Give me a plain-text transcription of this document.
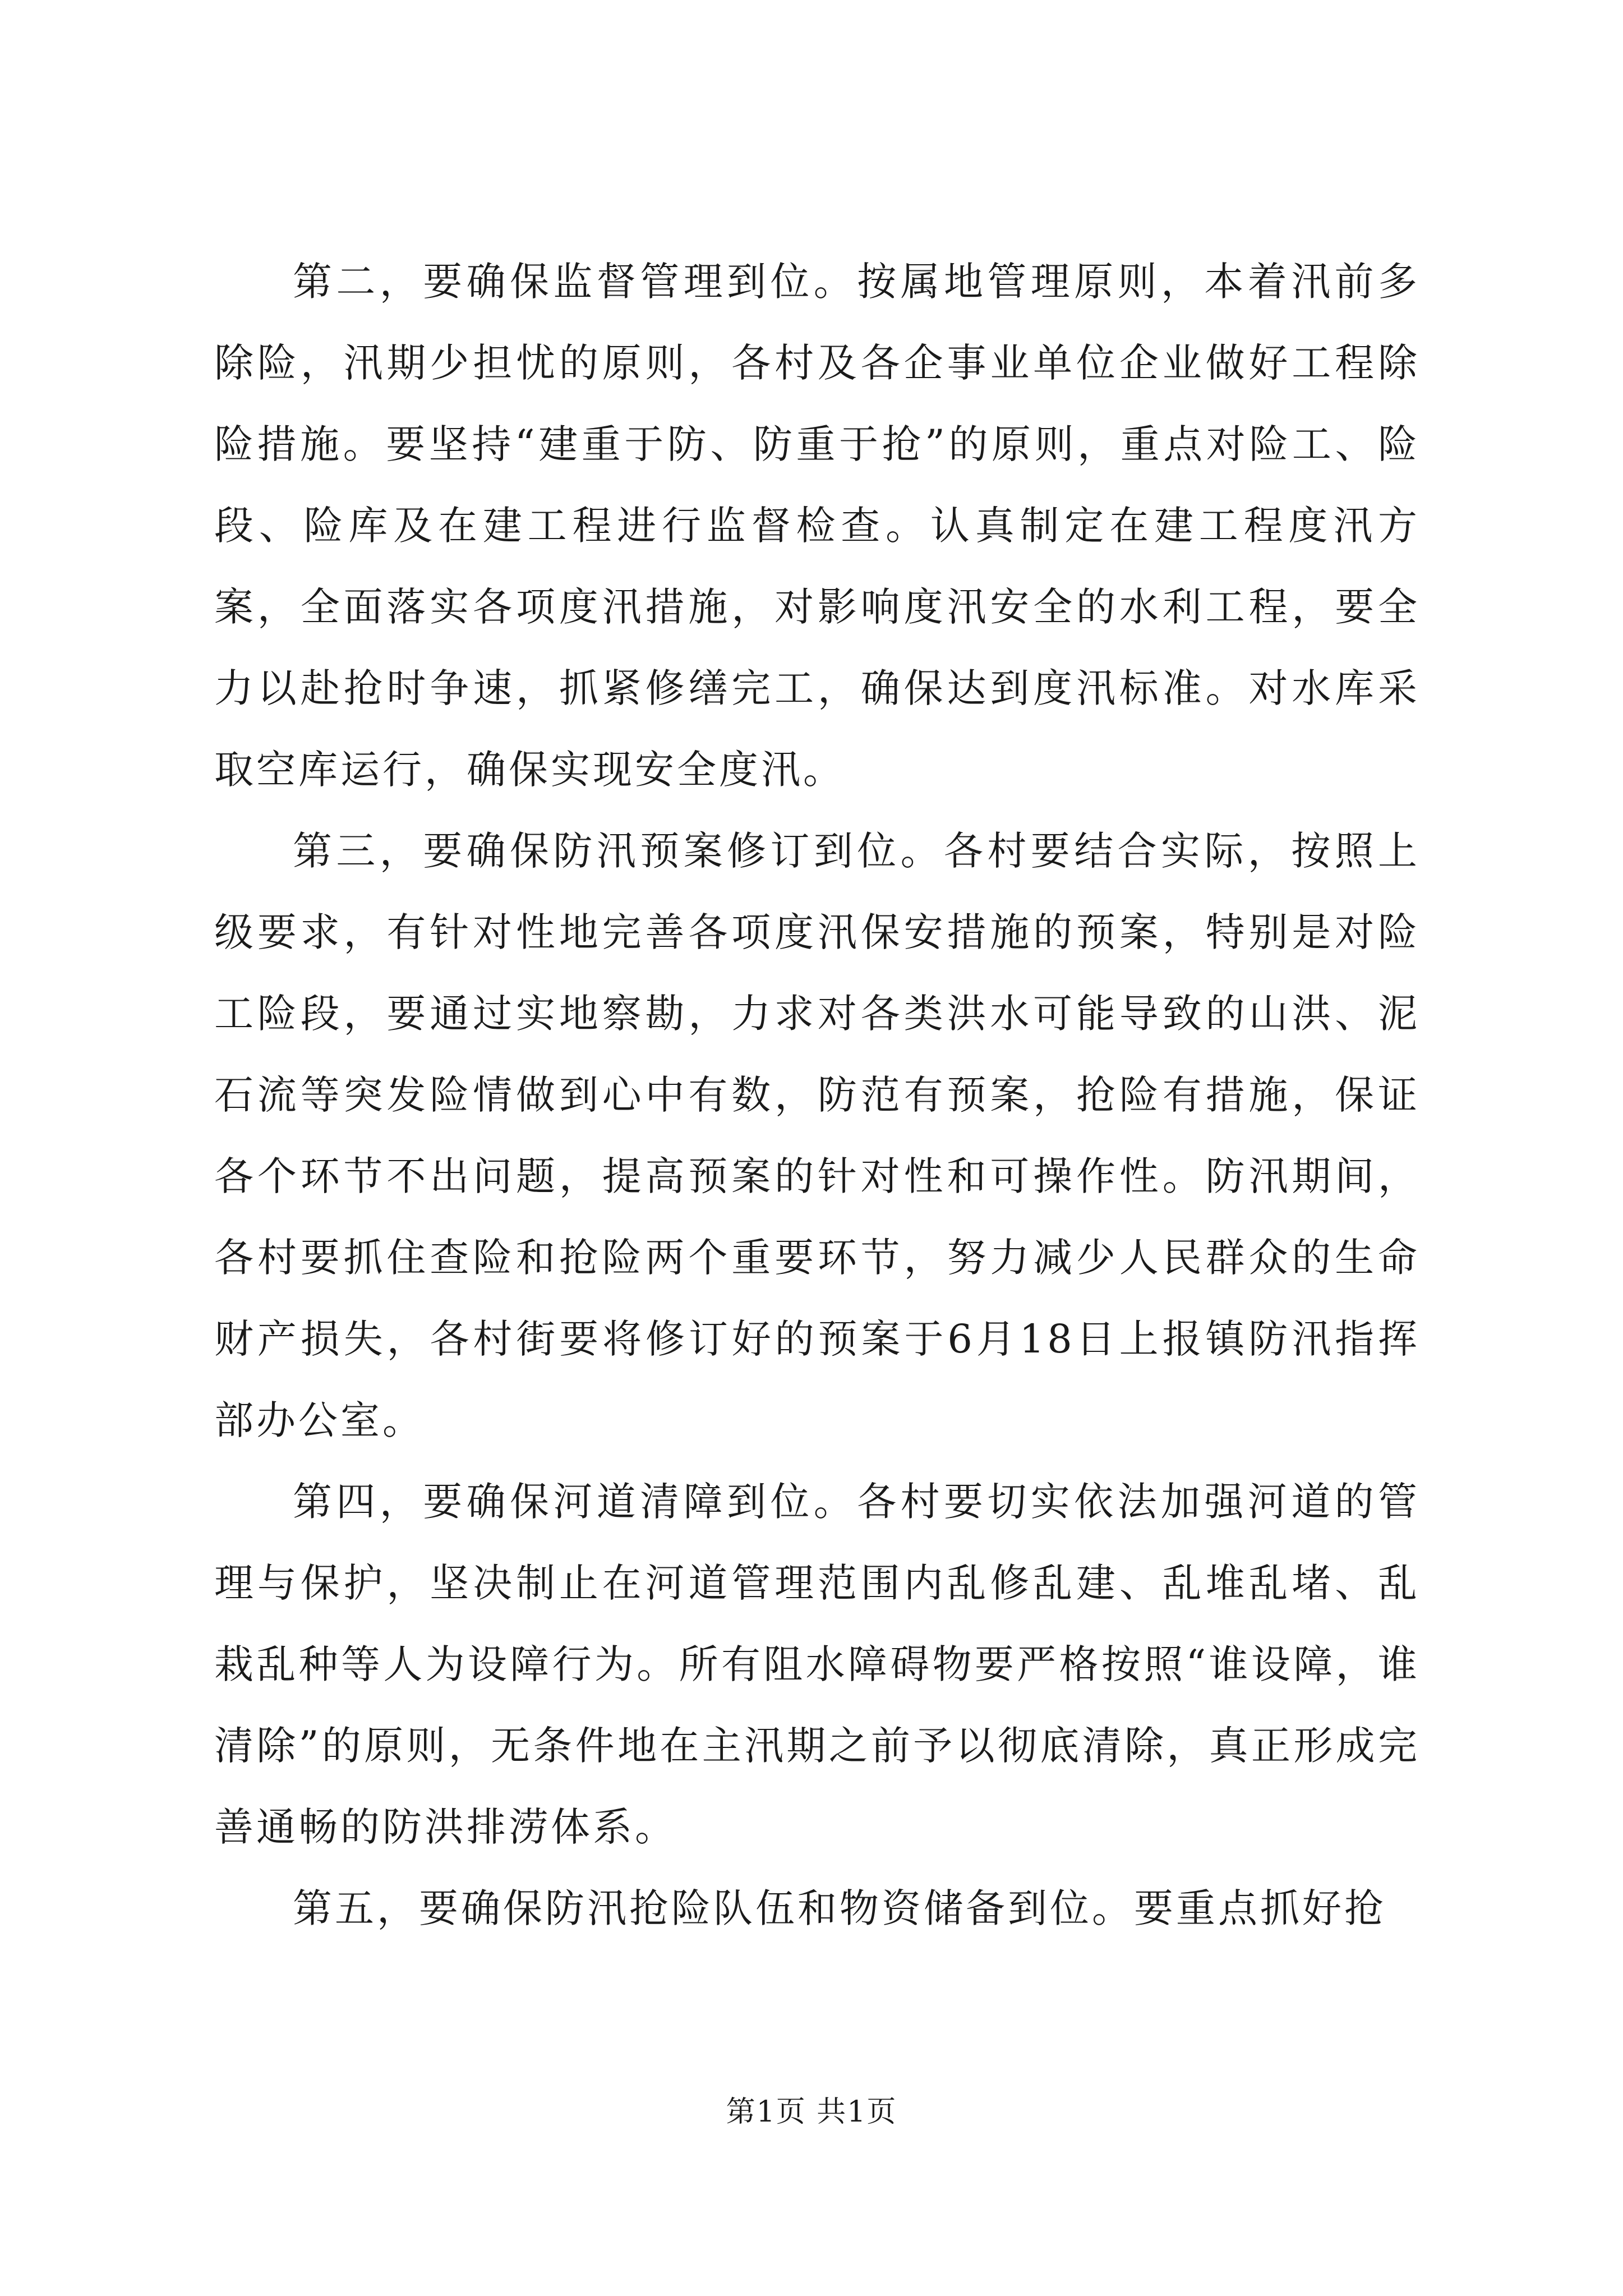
第二，要确保监督管理到位。按属地管理原则，本着汛前多除险，汛期少担忧的原则，各村及各企事业单位企业做好工程除险措施。要坚持“建重于防、防重于抢”的原则，重点对险工、险段、险库及在建工程进行监督检查。认真制定在建工程度汛方案，全面落实各项度汛措施，对影响度汛安全的水利工程，要全力以赴抢时争速，抓紧修缮完工，确保达到度汛标准。对水库采取空库运行，确保实现安全度汛。

第三，要确保防汛预案修订到位。各村要结合实际，按照上级要求，有针对性地完善各项度汛保安措施的预案，特别是对险工险段，要通过实地察勘，力求对各类洪水可能导致的山洪、泥石流等突发险情做到心中有数，防范有预案，抢险有措施，保证各个环节不出问题，提高预案的针对性和可操作性。防汛期间，各村要抓住查险和抢险两个重要环节，努力减少人民群众的生命财产损失，各村街要将修订好的预案于6月18日上报镇防汛指挥部办公室。

第四，要确保河道清障到位。各村要切实依法加强河道的管理与保护，坚决制止在河道管理范围内乱修乱建、乱堆乱堵、乱栽乱种等人为设障行为。所有阻水障碍物要严格按照“谁设障，谁清除”的原则，无条件地在主汛期之前予以彻底清除，真正形成完善通畅的防洪排涝体系。

第五，要确保防汛抢险队伍和物资储备到位。要重点抓好抢

第1页 共1页
